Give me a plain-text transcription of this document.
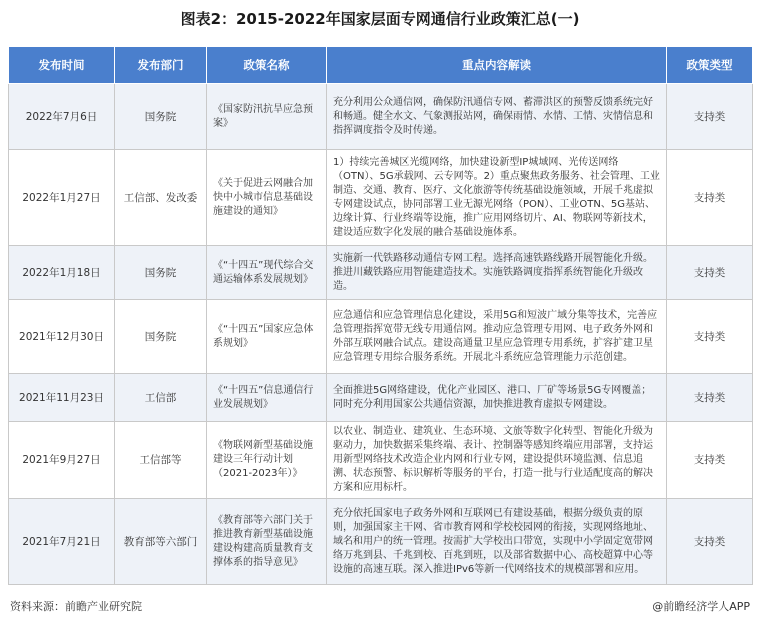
图表2：2015-2022年国家层面专网通信行业政策汇总(一)
发布时间	发布部门	政策名称	重点内容解读	政策类型
2022年7月6日	国务院	《国家防汛抗旱应急预案》	充分利用公众通信网，确保防汛通信专网、蓄滞洪区的预警反馈系统完好和畅通。健全水文、气象测报站网，确保雨情、水情、工情、灾情信息和指挥调度指令及时传递。	支持类
2022年1月27日	工信部、发改委	《关于促进云网融合加快中小城市信息基础设施建设的通知》	1）持续完善城区光缆网络，加快建设新型IP城域网、光传送网络（OTN）、5G承载网、云专网等。2）重点聚焦政务服务、社会管理、工业制造、交通、教育、医疗、文化旅游等传统基础设施领域，开展千兆虚拟专网建设试点，协同部署工业无源光网络（PON）、工业OTN、5G基站、边缘计算、行业终端等设施，推广应用网络切片、AI、物联网等新技术，建设适应数字化发展的融合基础设施体系。	支持类
2022年1月18日	国务院	《“十四五”现代综合交通运输体系发展规划》	实施新一代铁路移动通信专网工程。选择高速铁路线路开展智能化升级。推进川藏铁路应用智能建造技术。实施铁路调度指挥系统智能化升级改造。	支持类
2021年12月30日	国务院	《“十四五”国家应急体系规划》	应急通信和应急管理信息化建设，采用5G和短波广域分集等技术，完善应急管理指挥宽带无线专用通信网。推动应急管理专用网、电子政务外网和外部互联网融合试点。建设高通量卫星应急管理专用系统，扩容扩建卫星应急管理专用综合服务系统。开展北斗系统应急管理能力示范创建。	支持类
2021年11月23日	工信部	《“十四五”信息通信行业发展规划》	全面推进5G网络建设，优化产业园区、港口、厂矿等场景5G专网覆盖；同时充分利用国家公共通信资源，加快推进教育虚拟专网建设。	支持类
2021年9月27日	工信部等	《物联网新型基础设施建设三年行动计划（2021-2023年）》	以农业、制造业、建筑业、生态环境、文旅等数字化转型、智能化升级为驱动力，加快数据采集终端、表计、控制器等感知终端应用部署，支持运用新型网络技术改造企业内网和行业专网，建设提供环境监测、信息追溯、状态预警、标识解析等服务的平台，打造一批与行业适配度高的解决方案和应用标杆。	支持类
2021年7月21日	教育部等六部门	《教育部等六部门关于推进教育新型基础设施建设构建高质量教育支撑体系的指导意见》	充分依托国家电子政务外网和互联网已有建设基础，根据分级负责的原则，加强国家主干网、省市教育网和学校校园网的衔接，实现网络地址、域名和用户的统一管理。按需扩大学校出口带宽，实现中小学固定宽带网络万兆到县、千兆到校、百兆到班，以及部省数据中心、高校超算中心等设施的高速互联。深入推进IPv6等新一代网络技术的规模部署和应用。	支持类
资料来源：前瞻产业研究院	@前瞻经济学人APP
